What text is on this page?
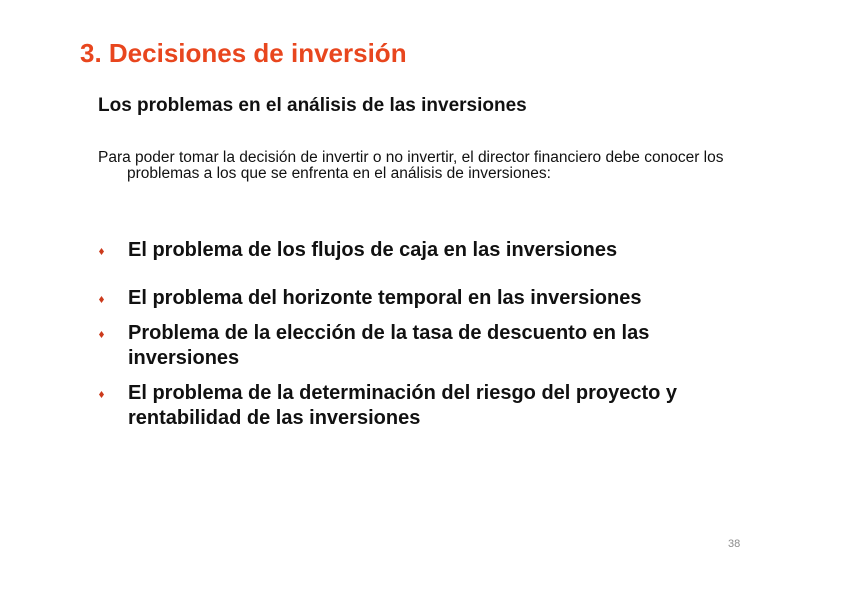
3. Decisiones de inversión
Los problemas en el análisis de las inversiones
Para poder tomar la decisión de invertir o no invertir, el director financiero debe conocer los problemas a los que se enfrenta en el análisis de inversiones:
El problema de los flujos de caja en las inversiones
El problema del horizonte temporal en las inversiones
Problema de la elección de la tasa de descuento en las inversiones
El problema de la determinación del riesgo del proyecto y rentabilidad de las inversiones
38
